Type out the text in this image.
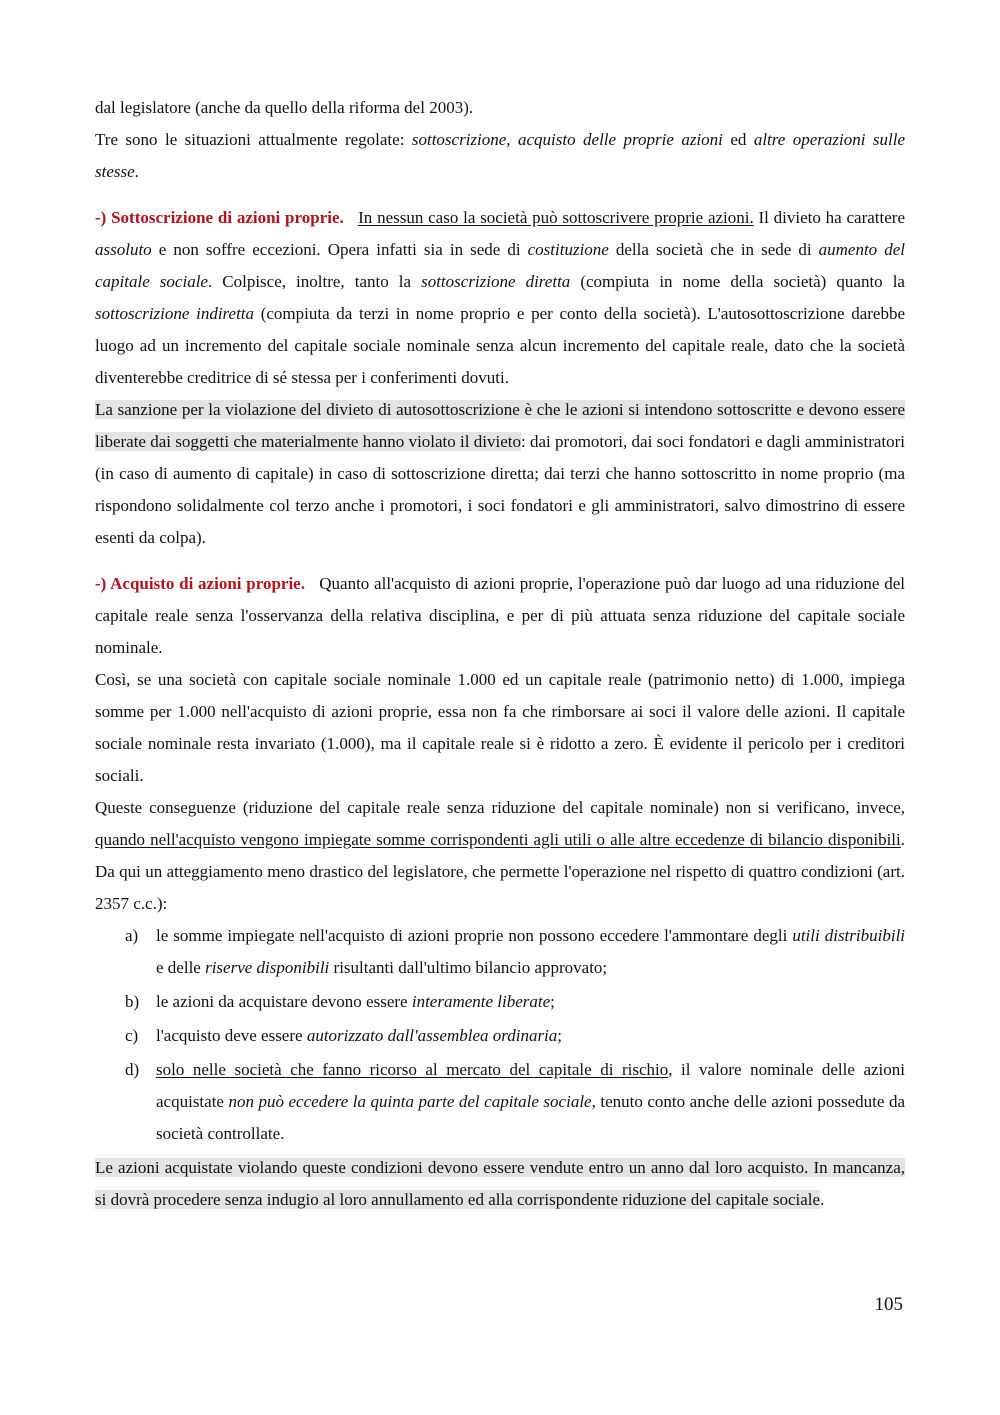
dal legislatore (anche da quello della riforma del 2003).

Tre sono le situazioni attualmente regolate: sottoscrizione, acquisto delle proprie azioni ed altre operazioni sulle stesse.

-) Sottoscrizione di azioni proprie. In nessun caso la società può sottoscrivere proprie azioni. Il divieto ha carattere assoluto e non soffre eccezioni. Opera infatti sia in sede di costituzione della società che in sede di aumento del capitale sociale. Colpisce, inoltre, tanto la sottoscrizione diretta (compiuta in nome della società) quanto la sottoscrizione indiretta (compiuta da terzi in nome proprio e per conto della società). L'autosottoscrizione darebbe luogo ad un incremento del capitale sociale nominale senza alcun incremento del capitale reale, dato che la società diventerebbe creditrice di sé stessa per i conferimenti dovuti.

La sanzione per la violazione del divieto di autosottoscrizione è che le azioni si intendono sottoscritte e devono essere liberate dai soggetti che materialmente hanno violato il divieto: dai promotori, dai soci fondatori e dagli amministratori (in caso di aumento di capitale) in caso di sottoscrizione diretta; dai terzi che hanno sottoscritto in nome proprio (ma rispondono solidalmente col terzo anche i promotori, i soci fondatori e gli amministratori, salvo dimostrino di essere esenti da colpa).

-) Acquisto di azioni proprie. Quanto all'acquisto di azioni proprie, l'operazione può dar luogo ad una riduzione del capitale reale senza l'osservanza della relativa disciplina, e per di più attuata senza riduzione del capitale sociale nominale.

Così, se una società con capitale sociale nominale 1.000 ed un capitale reale (patrimonio netto) di 1.000, impiega somme per 1.000 nell'acquisto di azioni proprie, essa non fa che rimborsare ai soci il valore delle azioni. Il capitale sociale nominale resta invariato (1.000), ma il capitale reale si è ridotto a zero. È evidente il pericolo per i creditori sociali.

Queste conseguenze (riduzione del capitale reale senza riduzione del capitale nominale) non si verificano, invece, quando nell'acquisto vengono impiegate somme corrispondenti agli utili o alle altre eccedenze di bilancio disponibili. Da qui un atteggiamento meno drastico del legislatore, che permette l'operazione nel rispetto di quattro condizioni (art. 2357 c.c.):

a) le somme impiegate nell'acquisto di azioni proprie non possono eccedere l'ammontare degli utili distribuibili e delle riserve disponibili risultanti dall'ultimo bilancio approvato;
b) le azioni da acquistare devono essere interamente liberate;
c) l'acquisto deve essere autorizzato dall'assemblea ordinaria;
d) solo nelle società che fanno ricorso al mercato del capitale di rischio, il valore nominale delle azioni acquistate non può eccedere la quinta parte del capitale sociale, tenuto conto anche delle azioni possedute da società controllate.

Le azioni acquistate violando queste condizioni devono essere vendute entro un anno dal loro acquisto. In mancanza, si dovrà procedere senza indugio al loro annullamento ed alla corrispondente riduzione del capitale sociale.

105
